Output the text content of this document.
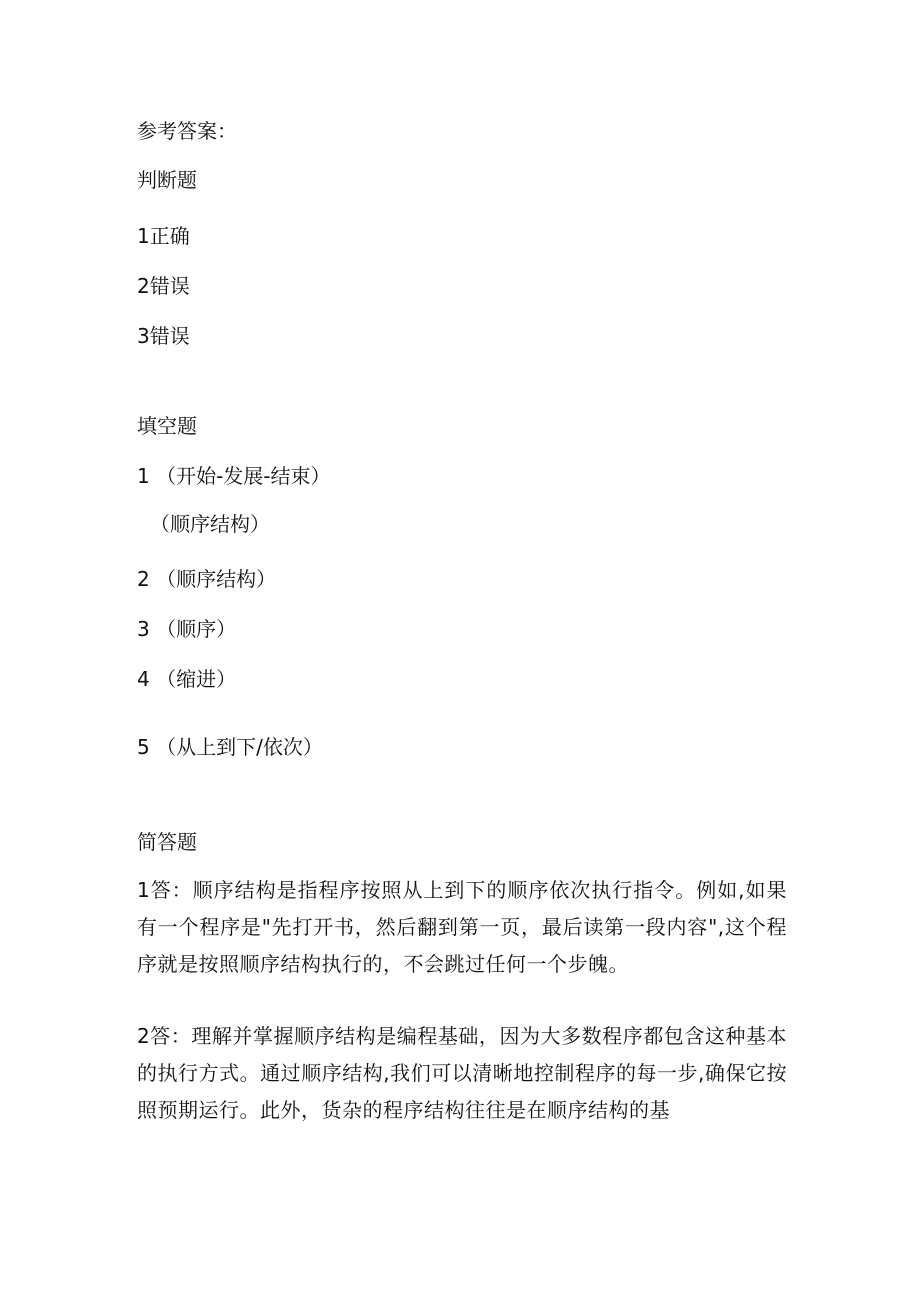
参考答案：
判断题
1正确
2错误
3错误
填空题
1 （开始-发展-结束）
（顺序结构）
2 （顺序结构）
3 （顺序）
4 （缩进）
5 （从上到下/依次）
简答题
1答：顺序结构是指程序按照从上到下的顺序依次执行指令。例如,如果有一个程序是"先打开书，然后翻到第一页，最后读第一段内容",这个程序就是按照顺序结构执行的，不会跳过任何一个步魄。
2答：理解并掌握顺序结构是编程基础，因为大多数程序都包含这种基本的执行方式。通过顺序结构,我们可以清晰地控制程序的每一步,确保它按照预期运行。此外，货杂的程序结构往往是在顺序结构的基
